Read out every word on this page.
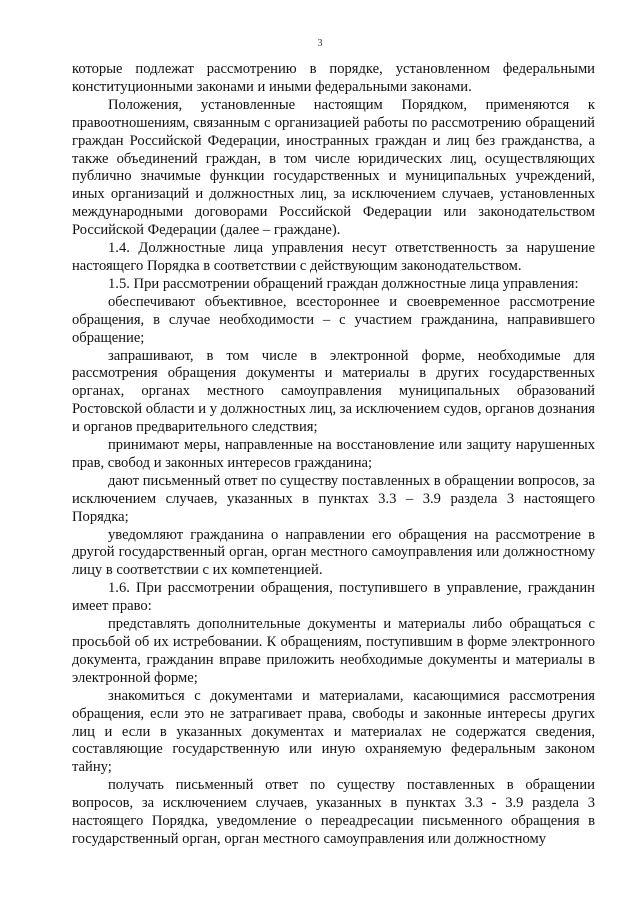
3

которые подлежат рассмотрению в порядке, установленном федеральными конституционными законами и иными федеральными законами.

Положения, установленные настоящим Порядком, применяются к правоотношениям, связанным с организацией работы по рассмотрению обращений граждан Российской Федерации, иностранных граждан и лиц без гражданства, а также объединений граждан, в том числе юридических лиц, осуществляющих публично значимые функции государственных и муниципальных учреждений, иных организаций и должностных лиц, за исключением случаев, установленных международными договорами Российской Федерации или законодательством Российской Федерации (далее – граждане).

1.4. Должностные лица управления несут ответственность за нарушение настоящего Порядка в соответствии с действующим законодательством.

1.5. При рассмотрении обращений граждан должностные лица управления:

обеспечивают объективное, всестороннее и своевременное рассмотрение обращения, в случае необходимости – с участием гражданина, направившего обращение;

запрашивают, в том числе в электронной форме, необходимые для рассмотрения обращения документы и материалы в других государственных органах, органах местного самоуправления муниципальных образований Ростовской области и у должностных лиц, за исключением судов, органов дознания и органов предварительного следствия;

принимают меры, направленные на восстановление или защиту нарушенных прав, свобод и законных интересов гражданина;

дают письменный ответ по существу поставленных в обращении вопросов, за исключением случаев, указанных в пунктах 3.3 – 3.9 раздела 3 настоящего Порядка;

уведомляют гражданина о направлении его обращения на рассмотрение в другой государственный орган, орган местного самоуправления или должностному лицу в соответствии с их компетенцией.

1.6. При рассмотрении обращения, поступившего в управление, гражданин имеет право:

представлять дополнительные документы и материалы либо обращаться с просьбой об их истребовании. К обращениям, поступившим в форме электронного документа, гражданин вправе приложить необходимые документы и материалы в электронной форме;

знакомиться с документами и материалами, касающимися рассмотрения обращения, если это не затрагивает права, свободы и законные интересы других лиц и если в указанных документах и материалах не содержатся сведения, составляющие государственную или иную охраняемую федеральным законом тайну;

получать письменный ответ по существу поставленных в обращении вопросов, за исключением случаев, указанных в пунктах 3.3 - 3.9 раздела 3 настоящего Порядка, уведомление о переадресации письменного обращения в государственный орган, орган местного самоуправления или должностному
